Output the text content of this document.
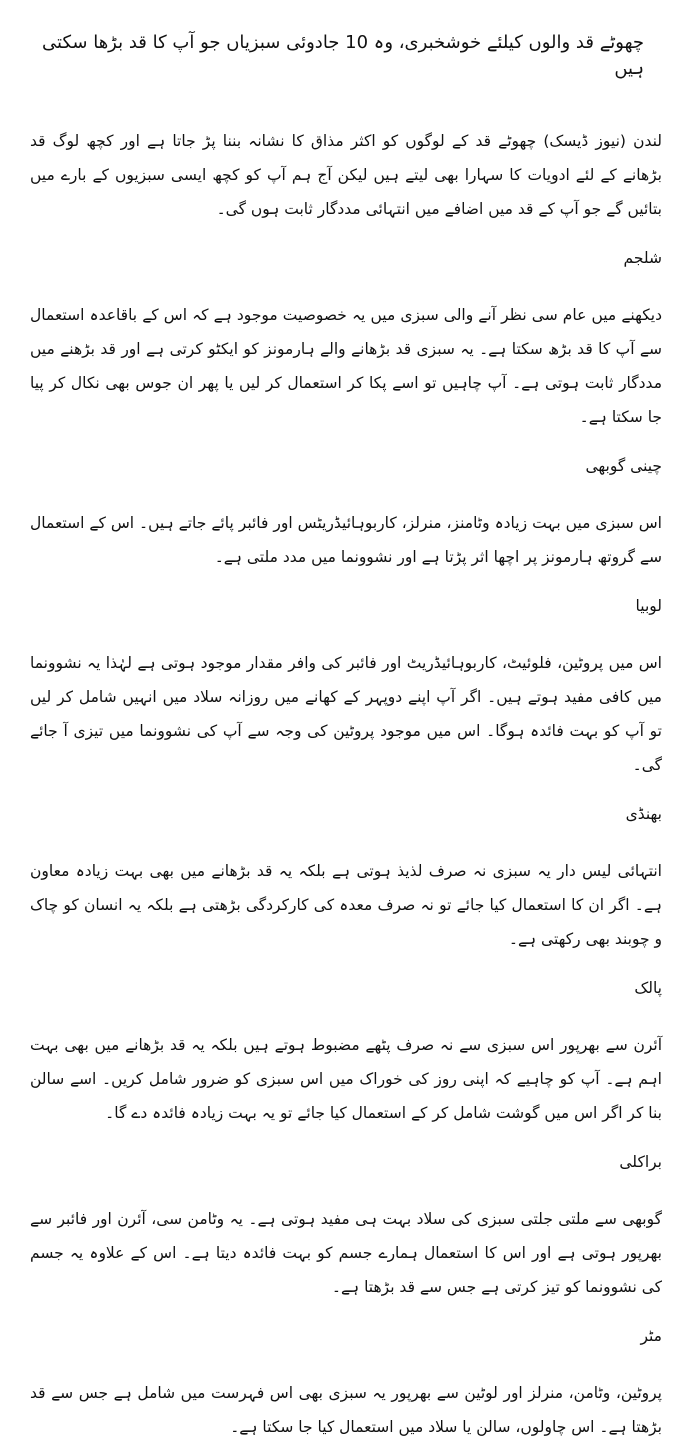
چھوٹے قد والوں کیلئے خوشخبری، وہ 10 جادوئی سبزیاں جو آپ کا قد بڑھا سکتی ہیں

لندن (نیوز ڈیسک) چھوٹے قد کے لوگوں کو اکثر مذاق کا نشانہ بننا پڑ جاتا ہے اور کچھ لوگ قد بڑھانے کے لئے ادویات کا سہارا بھی لیتے ہیں لیکن آج ہم آپ کو کچھ ایسی سبزیوں کے بارے میں بتائیں گے جو آپ کے قد میں اضافے میں انتہائی مددگار ثابت ہوں گی۔

شلجم

دیکھنے میں عام سی نظر آنے والی سبزی میں یہ خصوصیت موجود ہے کہ اس کے باقاعدہ استعمال سے آپ کا قد بڑھ سکتا ہے۔ یہ سبزی قد بڑھانے والے ہارمونز کو ایکٹو کرتی ہے اور قد بڑھنے میں مددگار ثابت ہوتی ہے۔ آپ چاہیں تو اسے پکا کر استعمال کر لیں یا پھر ان جوس بھی نکال کر پیا جا سکتا ہے۔

چینی گوبھی

اس سبزی میں بہت زیادہ وٹامنز، منرلز، کاربوہائیڈریٹس اور فائبر پائے جاتے ہیں۔ اس کے استعمال سے گروتھ ہارمونز پر اچھا اثر پڑتا ہے اور نشوونما میں مدد ملتی ہے۔

لوبیا

اس میں پروٹین، فلوئیٹ، کاربوہائیڈریٹ اور فائبر کی وافر مقدار موجود ہوتی ہے لہٰذا یہ نشوونما میں کافی مفید ہوتے ہیں۔ اگر آپ اپنے دوپہر کے کھانے میں روزانہ سلاد میں انہیں شامل کر لیں تو آپ کو بہت فائدہ ہوگا۔ اس میں موجود پروٹین کی وجہ سے آپ کی نشوونما میں تیزی آ جائے گی۔

بھنڈی

انتہائی لیس دار یہ سبزی نہ صرف لذیذ ہوتی ہے بلکہ یہ قد بڑھانے میں بھی بہت زیادہ معاون ہے۔ اگر ان کا استعمال کیا جائے تو نہ صرف معدہ کی کارکردگی بڑھتی ہے بلکہ یہ انسان کو چاک و چوبند بھی رکھتی ہے۔

پالک

آئرن سے بھرپور اس سبزی سے نہ صرف پٹھے مضبوط ہوتے ہیں بلکہ یہ قد بڑھانے میں بھی بہت اہم ہے۔ آپ کو چاہیے کہ اپنی روز کی خوراک میں اس سبزی کو ضرور شامل کریں۔ اسے سالن بنا کر اگر اس میں گوشت شامل کر کے استعمال کیا جائے تو یہ بہت زیادہ فائدہ دے گا۔

براکلی

گوبھی سے ملتی جلتی سبزی کی سلاد بہت ہی مفید ہوتی ہے۔ یہ وٹامن سی، آئرن اور فائبر سے بھرپور ہوتی ہے اور اس کا استعمال ہمارے جسم کو بہت فائدہ دیتا ہے۔ اس کے علاوہ یہ جسم کی نشوونما کو تیز کرتی ہے جس سے قد بڑھتا ہے۔

مٹر

پروٹین، وٹامن، منرلز اور لوٹین سے بھرپور یہ سبزی بھی اس فہرست میں شامل ہے جس سے قد بڑھتا ہے۔ اس چاولوں، سالن یا سلاد میں استعمال کیا جا سکتا ہے۔
